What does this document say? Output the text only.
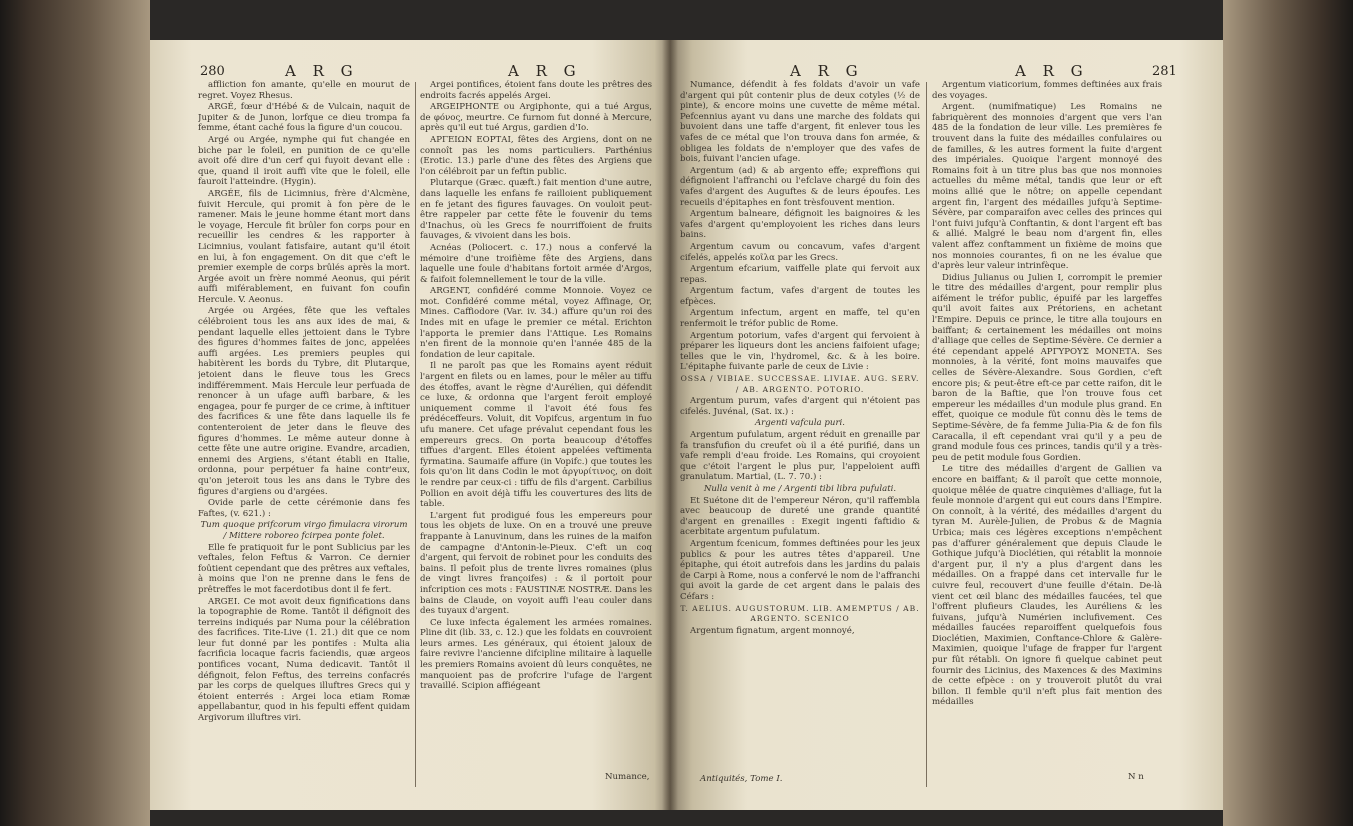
280	A R G	A R G

affliction fon amante, qu'elle en mourut de regret. Voyez Rhesus.

ARGÉ, fœur d'Hébé & de Vulcain, naquit de Jupiter & de Junon, lorfque ce dieu trompa fa femme, étant caché fous la figure d'un coucou.

Argé ou Argée, nymphe qui fut changée en biche par le foleil, en punition de ce qu'elle avoit ofé dire d'un cerf qui fuyoit devant elle : que, quand il iroit auffi vîte que le foleil, elle fauroit l'atteindre. (Hygin).

ARGÉE, fils de Licimnius, frère d'Alcmène, fuivit Hercule, qui promit à fon père de le ramener. Mais le jeune homme étant mort dans le voyage, Hercule fit brûler fon corps pour en recueillir les cendres & les rapporter à Licimnius, voulant fatisfaire, autant qu'il étoit en lui, à fon engagement. On dit que c'eft le premier exemple de corps brûlés après la mort. Argée avoit un frère nommé Aeonus, qui périt auffi miférablement, en fuivant fon coufin Hercule. V. Aeonus.

Argée ou Argées, fête que les veftales célébroient tous les ans aux ides de mai, & pendant laquelle elles jettoient dans le Tybre des figures d'hommes faites de jonc, appelées auffi argées. Les premiers peuples qui habitèrent les bords du Tybre, dit Plutarque, jetoient dans le fleuve tous les Grecs indifféremment. Mais Hercule leur perfuada de renoncer à un ufage auffi barbare, & les engagea, pour fe purger de ce crime, à inftituer des facrifices & une fête dans laquelle ils fe contenteroient de jeter dans le fleuve des figures d'hommes. Le même auteur donne à cette fête une autre origine. Evandre, arcadien, ennemi des Argiens, s'étant établi en Italie, ordonna, pour perpétuer fa haine contr'eux, qu'on jeteroit tous les ans dans le Tybre des figures d'argiens ou d'argées.

Ovide parle de cette cérémonie dans fes Faftes, (v. 621.) :

Tum quoque prifcorum virgo fimulacra virorum / Mittere roboreo fcirpea ponte folet.

Elle fe pratiquoit fur le pont Sublicius par les veftales, felon Feftus & Varron. Ce dernier foûtient cependant que des prêtres aux veftales, à moins que l'on ne prenne dans le fens de prêtreffes le mot facerdotibus dont il fe fert.

ARGEI. Ce mot avoit deux fignifications dans la topographie de Rome. Tantôt il défignoit des terreins indiqués par Numa pour la célébration des facrifices. Tite-Live (1. 21.) dit que ce nom leur fut donné par les pontifes : Multa alia facrificia locaque facris faciendis, quæ argeos pontifices vocant, Numa dedicavit. Tantôt il défignoit, felon Feftus, des terreins confacrés par les corps de quelques illuftres Grecs qui y étoient enterrés : Argei loca etiam Romæ appellabantur, quod in his fepulti effent quidam Argivorum illuftres viri.

Argei pontifices, étoient fans doute les prêtres des endroits facrés appelés Argei.

ARGEIPHONTE ou Argiphonte, qui a tué Argus, de φόνος, meurtre. Ce furnom fut donné à Mercure, après qu'il eut tué Argus, gardien d'Io.

ΑΡΓΕΙΩΝ ΕΟΡΤΑΙ, fêtes des Argiens, dont on ne connoît pas les noms particuliers. Parthénius (Erotic. 13.) parle d'une des fêtes des Argiens que l'on célébroit par un feftin public.

Plutarque (Græc. quæft.) fait mention d'une autre, dans laquelle les enfans fe railloient publiquement en fe jetant des figures fauvages. On vouloit peut-être rappeler par cette fête le fouvenir du tems d'Inachus, où les Grecs fe nourriffoient de fruits fauvages, & vivoient dans les bois.

Acnéas (Poliocert. c. 17.) nous a confervé la mémoire d'une troifième fête des Argiens, dans laquelle une foule d'habitans fortoit armée d'Argos, & faifoit folemnellement le tour de la ville.

ARGENT, confidéré comme Monnoie. Voyez ce mot. Confidéré comme métal, voyez Affinage, Or, Mines. Caffiodore (Var. iv. 34.) affure qu'un roi des Indes mit en ufage le premier ce métal. Erichton l'apporta le premier dans l'Attique. Les Romains n'en firent de la monnoie qu'en l'année 485 de la fondation de leur capitale.

Il ne paroît pas que les Romains ayent réduit l'argent en filets ou en lames, pour le mêler au tiffu des étoffes, avant le règne d'Aurélien, qui défendit ce luxe, & ordonna que l'argent feroit employé uniquement comme il l'avoit été fous fes prédéceffeurs. Voluit, dit Vopifcus, argentum in fuo ufu manere. Cet ufage prévalut cependant fous les empereurs grecs. On porta beaucoup d'étoffes tiffues d'argent. Elles étoient appelées veftimenta fyrmatina. Saumaife affure (in Vopifc.) que toutes les fois qu'on lit dans Codin le mot ἀργυρίτινος, on doit le rendre par ceux-ci : tiffu de fils d'argent. Carbilius Pollion en avoit déjà tiffu les couvertures des lits de table.

L'argent fut prodigué fous les empereurs pour tous les objets de luxe. On en a trouvé une preuve frappante à Lanuvinum, dans les ruines de la maifon de campagne d'Antonin-le-Pieux. C'eft un coq d'argent, qui fervoit de robinet pour les conduits des bains. Il pefoit plus de trente livres romaines (plus de vingt livres françoifes) : & il portoit pour infcription ces mots : FAUSTINÆ NOSTRÆ. Dans les bains de Claude, on voyoit auffi l'eau couler dans des tuyaux d'argent.

Ce luxe infecta également les armées romaines. Pline dit (lib. 33, c. 12.) que les foldats en couvroient leurs armes. Les généraux, qui étoient jaloux de faire revivre l'ancienne difcipline militaire à laquelle les premiers Romains avoient dû leurs conquêtes, ne manquoient pas de profcrire l'ufage de l'argent travaillé. Scipion affiégeant

Numance,
A R G	A R G	281

Numance, défendit à fes foldats d'avoir un vafe d'argent qui pût contenir plus de deux cotyles (½ de pinte), & encore moins une cuvette de même métal. Pefcennius ayant vu dans une marche des foldats qui buvoient dans une taffe d'argent, fit enlever tous les vafes de ce métal que l'on trouva dans fon armée, & obligea les foldats de n'employer que des vafes de bois, fuivant l'ancien ufage.

Argentum (ad) & ab argento effe; expreffions qui défignoient l'affranchi ou l'efclave chargé du foin des vafes d'argent des Auguftes & de leurs époufes. Les recueils d'épitaphes en font trèsfouvent mention.

Argentum balneare, défignoit les baignoires & les vafes d'argent qu'employoient les riches dans leurs bains.

Argentum cavum ou concavum, vafes d'argent cifelés, appelés κοῖλα par les Grecs.

Argentum efcarium, vaiffelle plate qui fervoit aux repas.

Argentum factum, vafes d'argent de toutes les efpèces.

Argentum infectum, argent en maffe, tel qu'en renfermoit le tréfor public de Rome.

Argentum potorium, vafes d'argent qui fervoient à préparer les liqueurs dont les anciens faifoient ufage; telles que le vin, l'hydromel, &c. & à les boire. L'épitaphe fuivante parle de ceux de Livie :

OSSA / VIBIAE. SUCCESSAE. LIVIAE. AUG. SERV. / AB. ARGENTO. POTORIO.

Argentum purum, vafes d'argent qui n'étoient pas cifelés. Juvénal, (Sat. ix.) :

Argenti vafcula puri.

Argentum pufulatum, argent réduit en grenaille par fa transfufion du creufet où il a été purifié, dans un vafe rempli d'eau froide. Les Romains, qui croyoient que c'étoit l'argent le plus pur, l'appeloient auffi granulatum. Martial, (L. 7. 70.) :

Nulla venit à me / Argenti tibi libra pufulati.

Et Suétone dit de l'empereur Néron, qu'il raffembla avec beaucoup de dureté une grande quantité d'argent en grenailles : Exegit ingenti faftidio & acerbitate argentum pufulatum.

Argentum fcenicum, fommes deftinées pour les jeux publics & pour les autres têtes d'appareil. Une épitaphe, qui étoit autrefois dans les jardins du palais de Carpi à Rome, nous a confervé le nom de l'affranchi qui avoit la garde de cet argent dans le palais des Céfars :

T. AELIUS. AUGUSTORUM. LIB. AMEMPTUS / AB. ARGENTO. SCENICO

Argentum fignatum, argent monnoyé,

Argentum viaticorium, fommes deftinées aux frais des voyages.

Argent. (numifmatique) Les Romains ne fabriquèrent des monnoies d'argent que vers l'an 485 de la fondation de leur ville. Les premières fe trouvent dans la fuite des médailles confulaires ou de familles, & les autres forment la fuite d'argent des impériales. Quoique l'argent monnoyé des Romains foit à un titre plus bas que nos monnoies actuelles du même métal, tandis que leur or eft moins allié que le nôtre; on appelle cependant argent fin, l'argent des médailles jufqu'à Septime-Sévère, par comparaifon avec celles des princes qui l'ont fuivi jufqu'à Conftantin, & dont l'argent eft bas & allié. Malgré le beau nom d'argent fin, elles valent affez conftamment un fixième de moins que nos monnoies courantes, fi on ne les évalue que d'après leur valeur intrinfèque.

Didius Julianus ou Julien I, corrompit le premier le titre des médailles d'argent, pour remplir plus aifément le tréfor public, épuifé par les largeffes qu'il avoit faites aux Prétoriens, en achetant l'Empire. Depuis ce prince, le titre alla toujours en baiffant; & certainement les médailles ont moins d'alliage que celles de Septime-Sévère. Ce dernier a été cependant appelé ΑΡΓΥΡΟΥΣ ΜΟΝΕΤΑ. Ses monnoies, à la vérité, font moins mauvaifes que celles de Sévère-Alexandre. Sous Gordien, c'eft encore pis; & peut-être eft-ce par cette raifon, dit le baron de la Baftie, que l'on trouve fous cet empereur les médailles d'un module plus grand. En effet, quoique ce module fût connu dès le tems de Septime-Sévère, de fa femme Julia-Pia & de fon fils Caracalla, il eft cependant vrai qu'il y a peu de grand module fous ces princes, tandis qu'il y a très-peu de petit module fous Gordien.

Le titre des médailles d'argent de Gallien va encore en baiffant; & il paroît que cette monnoie, quoique mêlée de quatre cinquièmes d'alliage, fut la feule monnoie d'argent qui eut cours dans l'Empire. On connoît, à la vérité, des médailles d'argent du tyran M. Aurèle-Julien, de Probus & de Magnia Urbica; mais ces légères exceptions n'empêchent pas d'affurer généralement que depuis Claude le Gothique jufqu'à Dioclétien, qui rétablit la monnoie d'argent pur, il n'y a plus d'argent dans les médailles. On a frappé dans cet intervalle fur le cuivre feul, recouvert d'une feuille d'étain. De-là vient cet œil blanc des médailles faucées, tel que l'offrent plufieurs Claudes, les Auréliens & les fuivans, jufqu'à Numérien inclufivement. Ces médailles faucées reparoiffent quelquefois fous Dioclétien, Maximien, Conftance-Chlore & Galère-Maximien, quoique l'ufage de frapper fur l'argent pur fût rétabli. On ignore fi quelque cabinet peut fournir des Licinius, des Maxences & des Maximins de cette efpèce : on y trouveroit plutôt du vrai billon. Il femble qu'il n'eft plus fait mention des médailles

Antiquités, Tome I.	N n
